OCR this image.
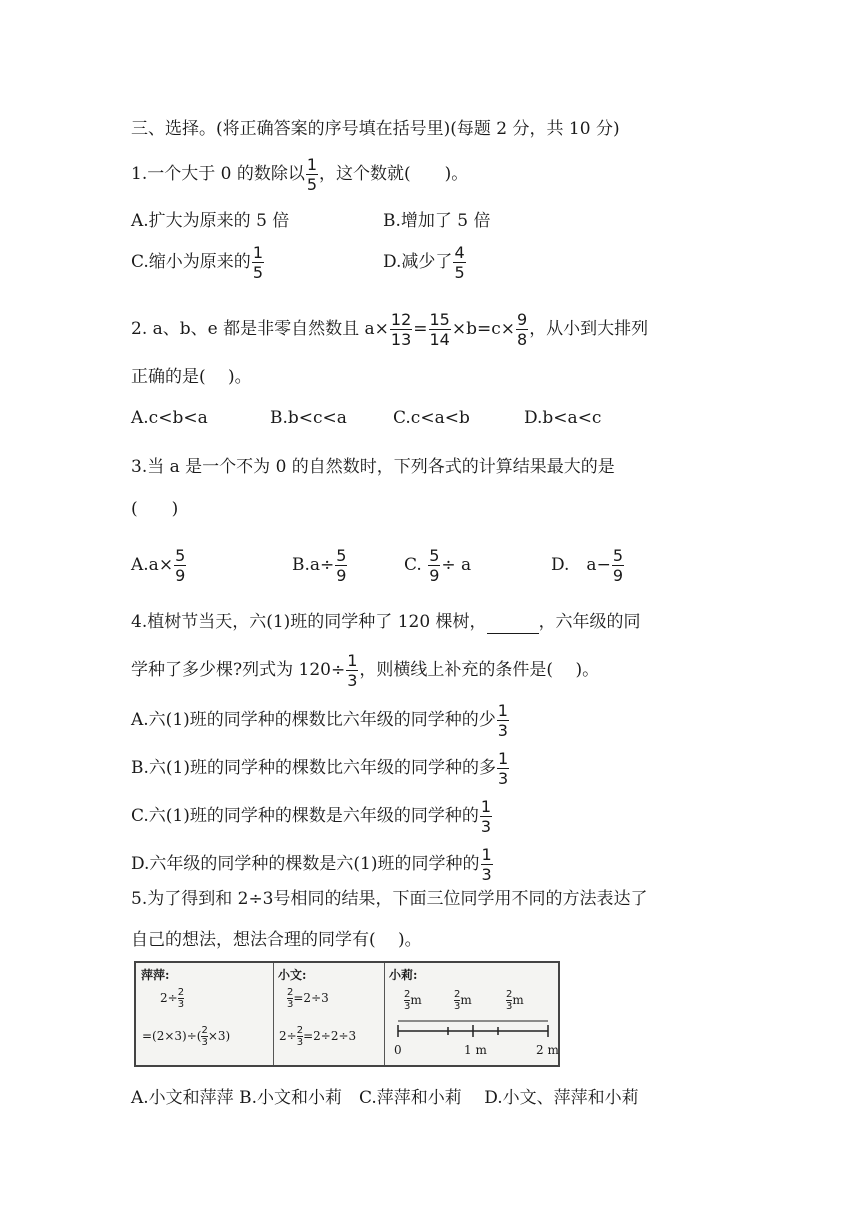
三、选择。(将正确答案的序号填在括号里)(每题 2 分，共 10 分)
1.一个大于 0 的数除以 $\frac{1}{5}$ ，这个数就(　　)。
A.扩大为原来的 5 倍	B.增加了 5 倍
C.缩小为原来的 $\frac{1}{5}$	D.减少了 $\frac{4}{5}$
2. a、b、e 都是非零自然数且 $a\times \frac{12}{13} = \frac{15}{14} \times b=c\times \frac{9}{8}$ ，从小到大排列
正确的是(　 )。
A.c<b<a	B.b<c<a	C.c<a<b	D.b<a<c
3.当 a 是一个不为 0 的自然数时，下列各式的计算结果最大的是
(　　)
$A.a\times \frac{5}{9}$	$B.a\div \frac{5}{9}$	C. $\frac{5}{9} \div a$	D.　$a- \frac{5}{9}$
4.植树节当天，六(1)班的同学种了 120 棵树，	，六年级的同
学种了多少棵?列式为 $120\div \frac{1}{3}$ ，则横线上补充的条件是(　 )。
A.六(1)班的同学种的棵数比六年级的同学种的少 $\frac{1}{3}$
B.六(1)班的同学种的棵数比六年级的同学种的多 $\frac{1}{3}$
C.六(1)班的同学种的棵数是六年级的同学种的 $\frac{1}{3}$
D.六年级的同学种的棵数是六(1)班的同学种的 $\frac{1}{3}$
5.为了得到和 2÷3号相同的结果，下面三位同学用不同的方法表达了
自己的想法，想法合理的同学有(　 )。
萍萍:
$2\div \frac{2}{3}$
$=(2\times 3)\div( \frac{2}{3} \times 3)$
小文:
$\frac{2}{3} =2\div 3$
$2\div \frac{2}{3} =2\div 2\div 3$
小莉:
$\frac{2}{3}$ m	$\frac{2}{3}$ m	$\frac{2}{3}$ m
0	1 m	2 m
A.小文和萍萍 B.小文和小莉　C.萍萍和小莉　 D.小文、萍萍和小莉
